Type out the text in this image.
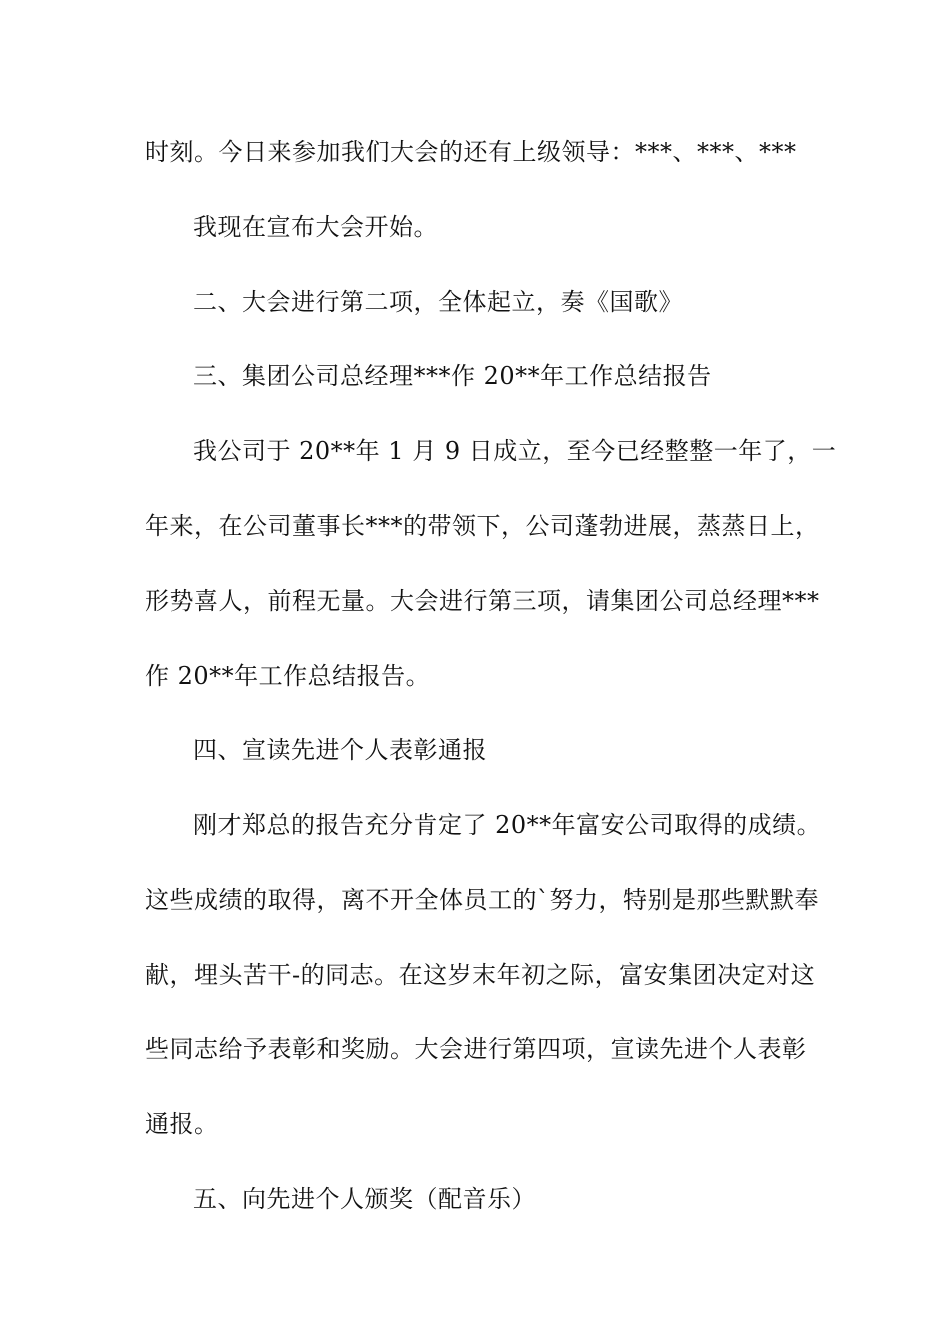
时刻。今日来参加我们大会的还有上级领导：***、***、***

我现在宣布大会开始。

二、大会进行第二项，全体起立，奏《国歌》

三、集团公司总经理***作 20**年工作总结报告

我公司于 20**年 1 月 9 日成立，至今已经整整一年了，一

年来，在公司董事长***的带领下，公司蓬勃进展，蒸蒸日上，

形势喜人，前程无量。大会进行第三项，请集团公司总经理***

作 20**年工作总结报告。

四、宣读先进个人表彰通报

刚才郑总的报告充分肯定了 20**年富安公司取得的成绩。

这些成绩的取得，离不开全体员工的`努力，特别是那些默默奉

献，埋头苦干-的同志。在这岁末年初之际，富安集团决定对这

些同志给予表彰和奖励。大会进行第四项，宣读先进个人表彰

通报。

五、向先进个人颁奖（配音乐）
